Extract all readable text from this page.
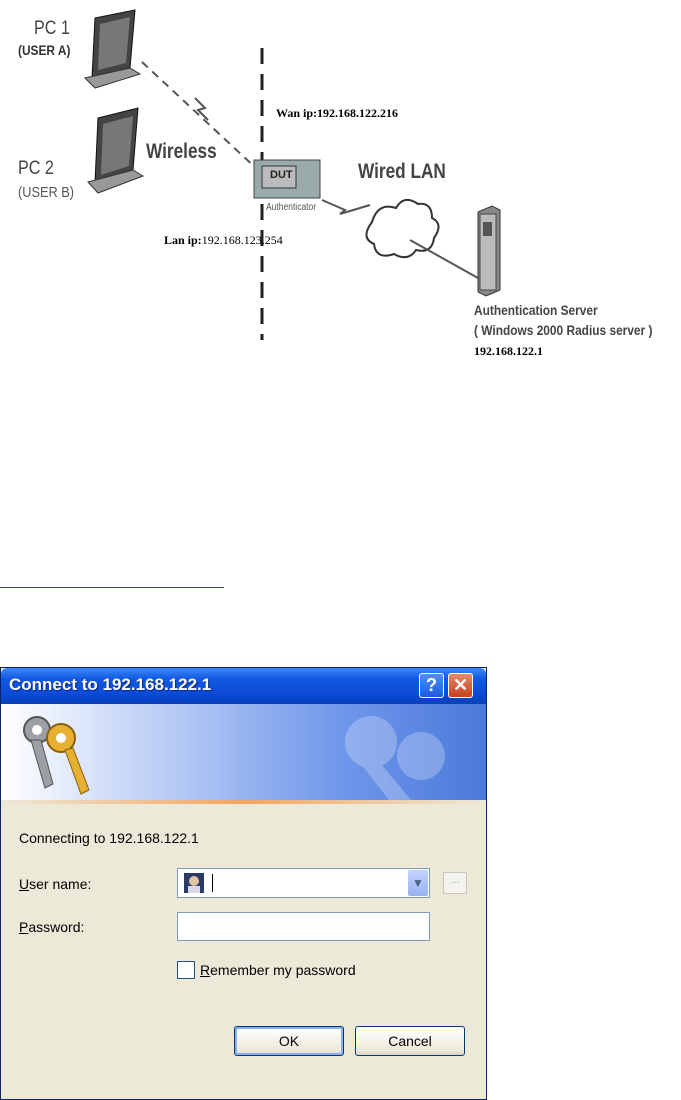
PC 1
(USER A)
PC 2
(USER B)
Wireless
Wired LAN
DUT
Authenticator
Wan ip:192.168.122.216
Lan ip:192.168.123.254
Authentication Server
( Windows 2000 Radius server )
192.168.122.1
Connect to 192.168.122.1	? ✕
Connecting to 192.168.122.1
User name:	▼	...
Password:
Remember my password
OK	Cancel
